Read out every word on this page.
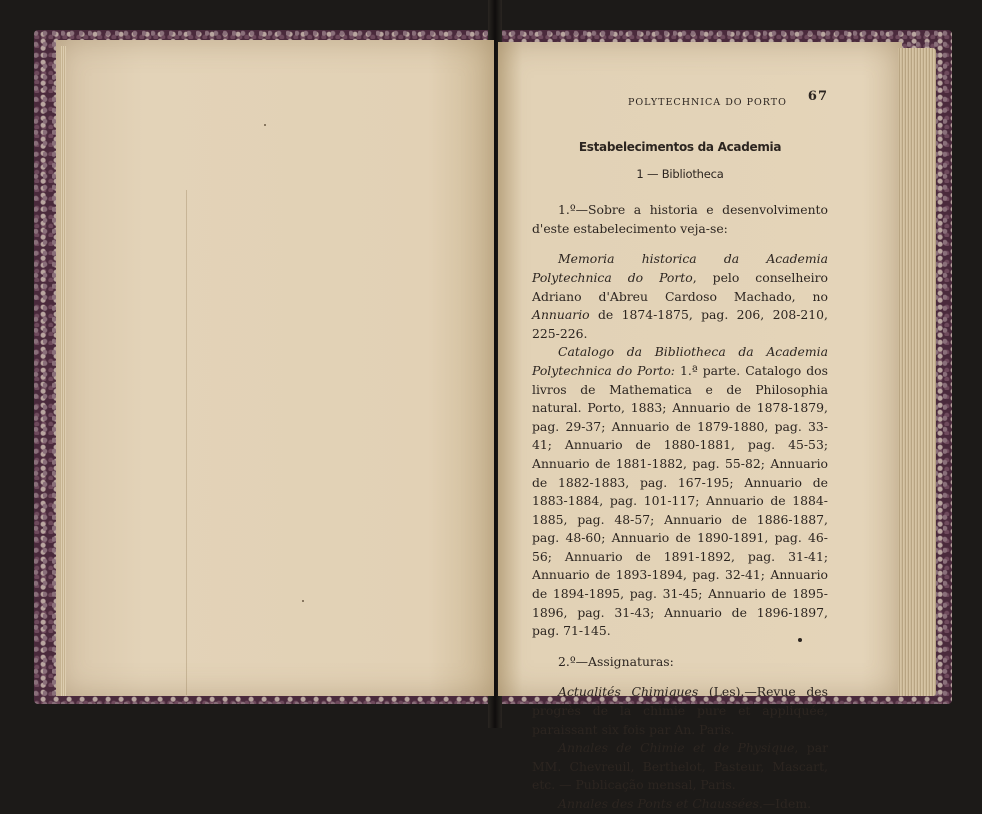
POLYTECHNICA DO PORTO 67
Estabelecimentos da Academia
1 — Bibliotheca

1.º—Sobre a historia e desenvolvimento d'este estabelecimento veja-se:

Memoria historica da Academia Polytechnica do Porto, pelo conselheiro Adriano d'Abreu Cardoso Machado, no Annuario de 1874-1875, pag. 206, 208-210, 225-226.

Catalogo da Bibliotheca da Academia Polytechnica do Porto: 1.ª parte. Catalogo dos livros de Mathematica e de Philosophia natural. Porto, 1883; Annuario de 1878-1879, pag. 29-37; Annuario de 1879-1880, pag. 33-41; Annuario de 1880-1881, pag. 45-53; Annuario de 1881-1882, pag. 55-82; Annuario de 1882-1883, pag. 167-195; Annuario de 1883-1884, pag. 101-117; Annuario de 1884-1885, pag. 48-57; Annuario de 1886-1887, pag. 48-60; Annuario de 1890-1891, pag. 46-56; Annuario de 1891-1892, pag. 31-41; Annuario de 1893-1894, pag. 32-41; Annuario de 1894-1895, pag. 31-45; Annuario de 1895-1896, pag. 31-43; Annuario de 1896-1897, pag. 71-145.

2.º—Assignaturas:

Actualités Chimiques (Les).—Revue des progrès de la chimie pure et appliquée, paraissant six fois par An. Paris.

Annales de Chimie et de Physique, par MM. Chevreuil, Berthelot, Pasteur, Mascart, etc. — Publicação mensal, Paris.

Annales des Ponts et Chaussées.—Idem.
